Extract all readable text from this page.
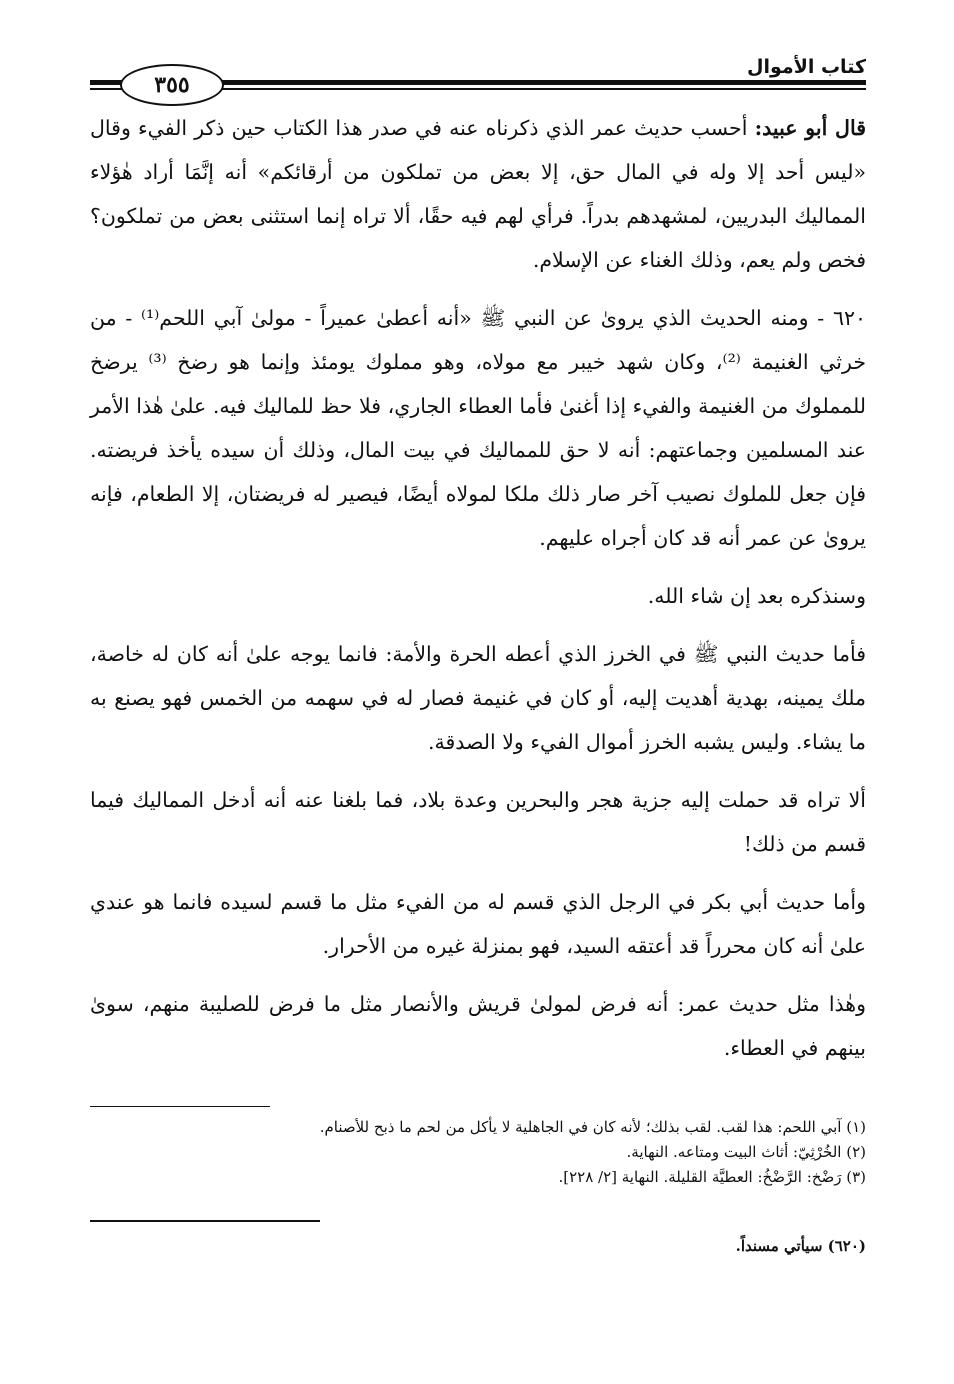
كتاب الأموال
٣٥٥

قال أبو عبيد: أحسب حديث عمر الذي ذكرناه عنه في صدر هذا الكتاب حين ذكر الفيء وقال «ليس أحد إلا وله في المال حق، إلا بعض من تملكون من أرقائكم» أنه إنَّمَا أراد هٰؤلاء المماليك البدريين، لمشهدهم بدراً. فرأي لهم فيه حقًا، ألا تراه إنما استثنى بعض من تملكون؟ فخص ولم يعم، وذلك الغناء عن الإسلام.

٦٢٠ - ومنه الحديث الذي يروىٰ عن النبي ﷺ «أنه أعطىٰ عميراً - مولىٰ آبي اللحم⁽¹⁾ - من خرثي الغنيمة ⁽²⁾، وكان شهد خيبر مع مولاه، وهو مملوك يومئذ وإنما هو رضخ ⁽³⁾ يرضخ للمملوك من الغنيمة والفيء إذا أغنىٰ فأما العطاء الجاري، فلا حظ للماليك فيه. علىٰ هٰذا الأمر عند المسلمين وجماعتهم: أنه لا حق للمماليك في بيت المال، وذلك أن سيده يأخذ فريضته. فإن جعل للملوك نصيب آخر صار ذلك ملكا لمولاه أيضًا، فيصير له فريضتان، إلا الطعام، فإنه يروىٰ عن عمر أنه قد كان أجراه عليهم.

وسنذكره بعد إن شاء الله.

فأما حديث النبي ﷺ في الخرز الذي أعطه الحرة والأمة: فانما يوجه علىٰ أنه كان له خاصة، ملك يمينه، بهدية أهديت إليه، أو كان في غنيمة فصار له في سهمه من الخمس فهو يصنع به ما يشاء. وليس يشبه الخرز أموال الفيء ولا الصدقة.

ألا تراه قد حملت إليه جزية هجر والبحرين وعدة بلاد، فما بلغنا عنه أنه أدخل المماليك فيما قسم من ذلك!

وأما حديث أبي بكر في الرجل الذي قسم له من الفيء مثل ما قسم لسيده فانما هو عندي علىٰ أنه كان محرراً قد أعتقه السيد، فهو بمنزلة غيره من الأحرار.

وهٰذا مثل حديث عمر: أنه فرض لمولىٰ قريش والأنصار مثل ما فرض للصليبة منهم، سوىٰ بينهم في العطاء.

(١) آبي اللحم: هذا لقب. لقب بذلك؛ لأنه كان في الجاهلية لا يأكل من لحم ما ذبح للأصنام.

(٢) الخُرْثِيّ: أثاث البيت ومتاعه. النهاية.

(٣) رَضْخ: الرَّضْخُ: العطيَّة القليلة. النهاية [٢/ ٢٢٨].

(٦٢٠) سيأتي مسنداً.
